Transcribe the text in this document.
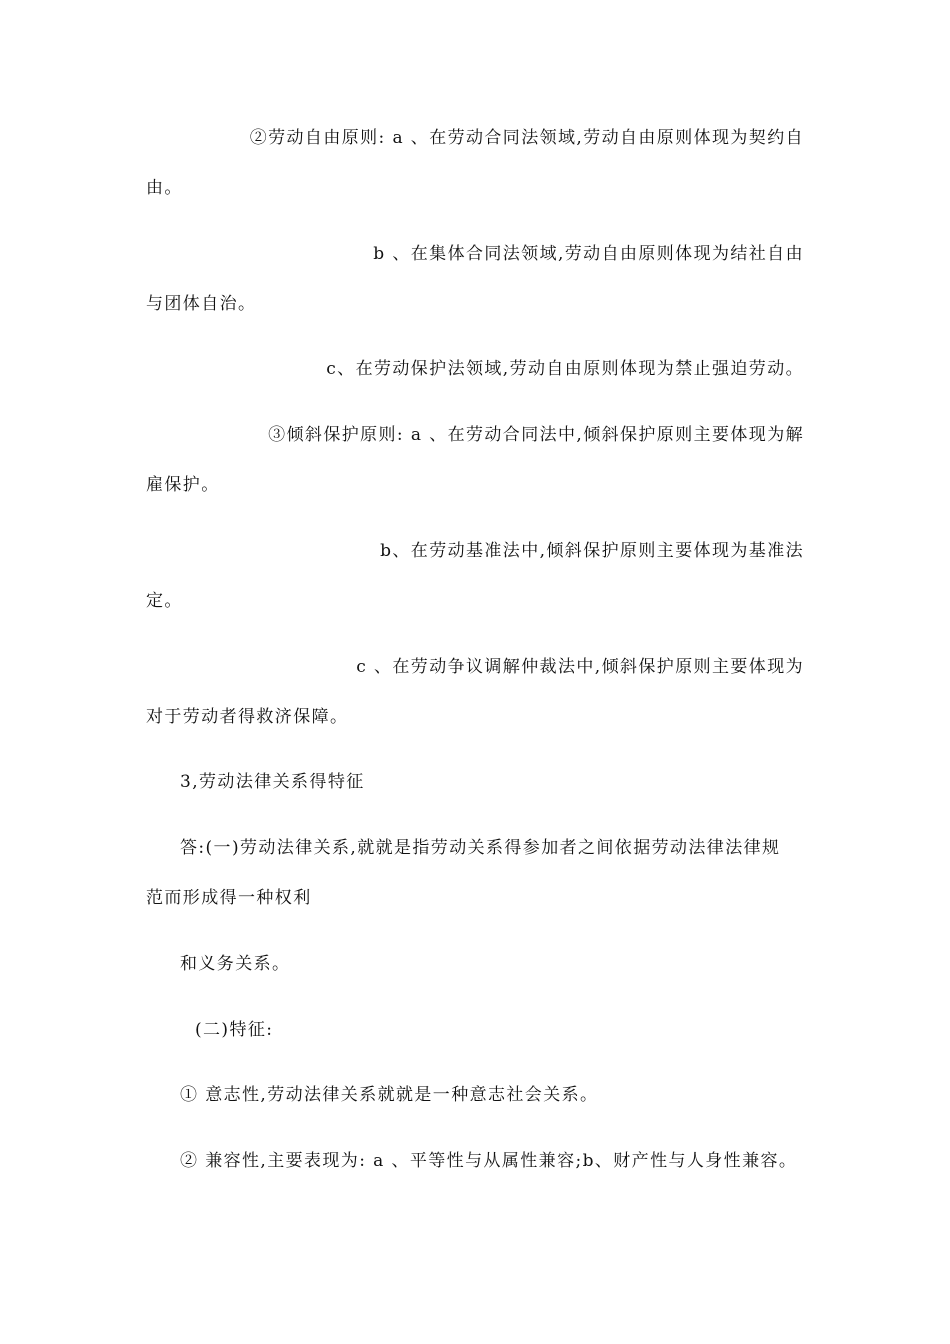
②劳动自由原则: a 、在劳动合同法领域,劳动自由原则体现为契约自
由。
b 、在集体合同法领域,劳动自由原则体现为结社自由
与团体自治。
c、在劳动保护法领域,劳动自由原则体现为禁止强迫劳动。
③倾斜保护原则: a 、在劳动合同法中,倾斜保护原则主要体现为解
雇保护。
b、在劳动基准法中,倾斜保护原则主要体现为基准法
定。
c 、在劳动争议调解仲裁法中,倾斜保护原则主要体现为
对于劳动者得救济保障。
3,劳动法律关系得特征
答:(一)劳动法律关系,就就是指劳动关系得参加者之间依据劳动法律法律规
范而形成得一种权利
和义务关系。
(二)特征:
① 意志性,劳动法律关系就就是一种意志社会关系。
② 兼容性,主要表现为: a 、平等性与从属性兼容;b、财产性与人身性兼容。
